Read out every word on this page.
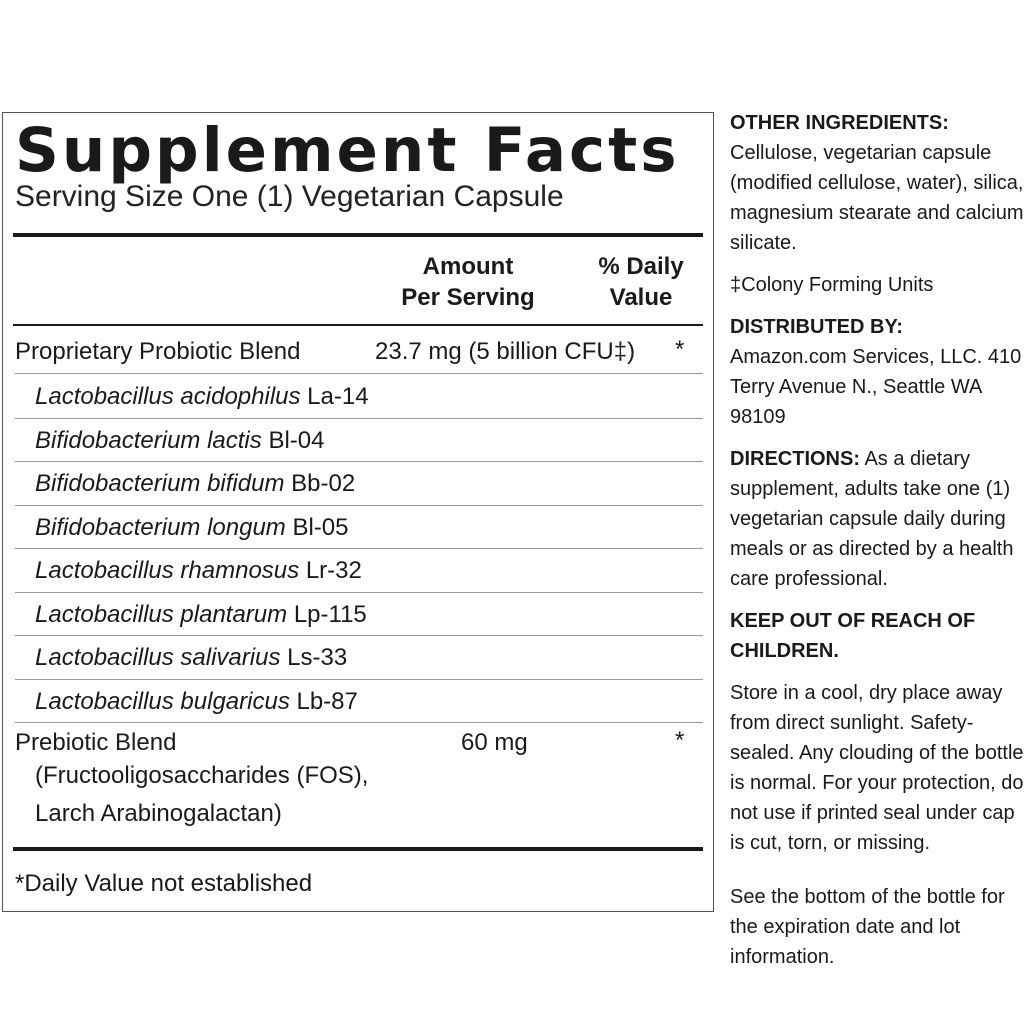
Supplement Facts
Serving Size One (1) Vegetarian Capsule
Amount
Per Serving
% Daily
Value
Proprietary Probiotic Blend	23.7 mg (5 billion CFU‡) *
Lactobacillus acidophilus La-14
Bifidobacterium lactis Bl-04
Bifidobacterium bifidum Bb-02
Bifidobacterium longum Bl-05
Lactobacillus rhamnosus Lr-32
Lactobacillus plantarum Lp-115
Lactobacillus salivarius Ls-33
Lactobacillus bulgaricus Lb-87
Prebiotic Blend
(Fructooligosaccharides (FOS),
Larch Arabinogalactan)
60 mg	*
*Daily Value not established

OTHER INGREDIENTS: Cellulose, vegetarian capsule (modified cellulose, water), silica, magnesium stearate and calcium silicate.

‡Colony Forming Units

DISTRIBUTED BY: Amazon.com Services, LLC. 410 Terry Avenue N., Seattle WA 98109

DIRECTIONS: As a dietary supplement, adults take one (1) vegetarian capsule daily during meals or as directed by a health care professional.

KEEP OUT OF REACH OF CHILDREN.

Store in a cool, dry place away from direct sunlight. Safety-sealed. Any clouding of the bottle is normal. For your protection, do not use if printed seal under cap is cut, torn, or missing.

See the bottom of the bottle for the expiration date and lot information.
